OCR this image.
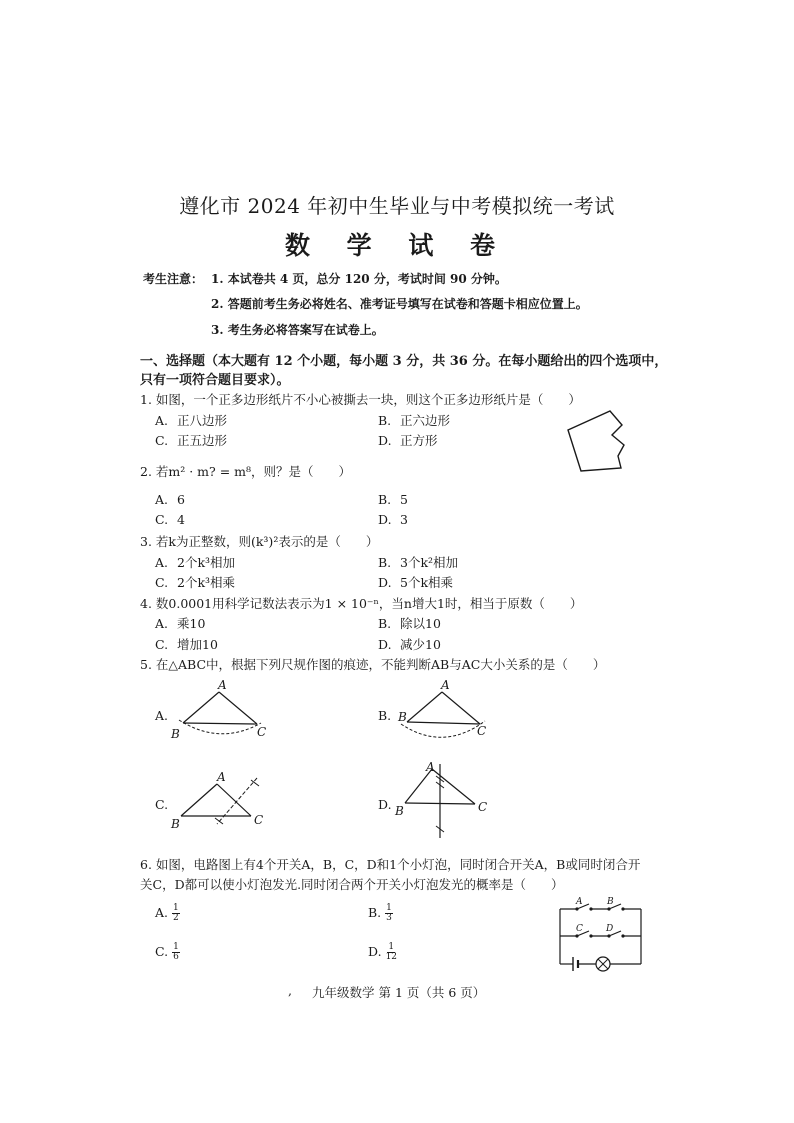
遵化市 2024 年初中生毕业与中考模拟统一考试
数 学 试 卷
考生注意： 1. 本试卷共 4 页，总分 120 分，考试时间 90 分钟。
2. 答题前考生务必将姓名、准考证号填写在试卷和答题卡相应位置上。
3. 考生务必将答案写在试卷上。
一、选择题（本大题有 12 个小题，每小题 3 分，共 36 分。在每小题给出的四个选项中，
只有一项符合题目要求）。
1. 如图，一个正多边形纸片不小心被撕去一块，则这个正多边形纸片是（　　）
A. 正八边形	B. 正六边形
C. 正五边形	D. 正方形
2. 若m² · m? = m⁸，则？是（　　）
A. 6	B. 5
C. 4	D. 3
3. 若k为正整数，则(k³)²表示的是（　　）
A. 2个k³相加	B. 3个k²相加
C. 2个k³相乘	D. 5个k相乘
4. 数0.0001用科学记数法表示为1 × 10⁻ⁿ，当n增大1时，相当于原数（　　）
A. 乘10	B. 除以10
C. 增加10	D. 减少10
5. 在△ABC中，根据下列尺规作图的痕迹，不能判断AB与AC大小关系的是（　　）
A.	B.
C.	D.
A
B	C
A
B
C
A
B	C
A
B	C
6. 如图，电路图上有4个开关A，B，C，D和1个小灯泡，同时闭合开关A，B或同时闭合开
关C，D都可以使小灯泡发光.同时闭合两个开关小灯泡发光的概率是（　　）
A. $\frac{1}{2}$	B. $\frac{1}{3}$
C. $\frac{1}{6}$	D. $\frac{1}{12}$
A	B
C	D
, 九年级数学 第 1 页（共 6 页）
